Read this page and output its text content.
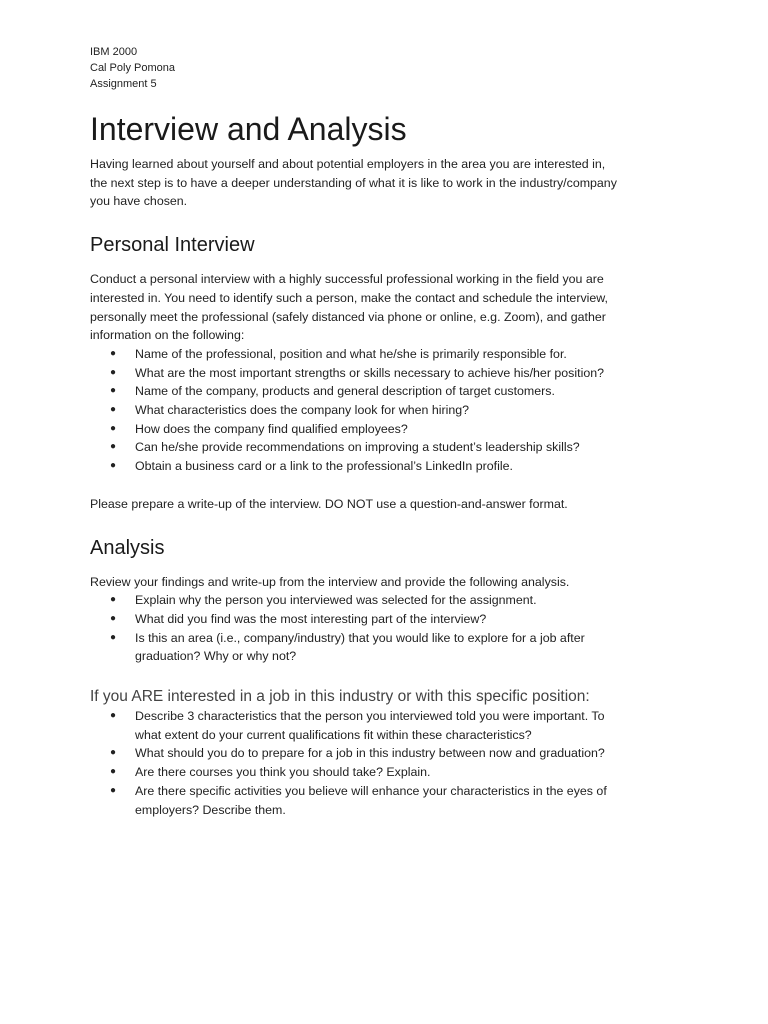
IBM 2000
Cal Poly Pomona
Assignment 5
Interview and Analysis

Having learned about yourself and about potential employers in the area you are interested in,
the next step is to have a deeper understanding of what it is like to work in the industry/company
you have chosen.

Personal Interview

Conduct a personal interview with a highly successful professional working in the field you are
interested in. You need to identify such a person, make the contact and schedule the interview,
personally meet the professional (safely distanced via phone or online, e.g. Zoom), and gather
information on the following:

● Name of the professional, position and what he/she is primarily responsible for.
● What are the most important strengths or skills necessary to achieve his/her position?
● Name of the company, products and general description of target customers.
● What characteristics does the company look for when hiring?
● How does the company find qualified employees?
● Can he/she provide recommendations on improving a student’s leadership skills?
● Obtain a business card or a link to the professional’s LinkedIn profile.

Please prepare a write-up of the interview. DO NOT use a question-and-answer format.

Analysis

Review your findings and write-up from the interview and provide the following analysis.

● Explain why the person you interviewed was selected for the assignment.
● What did you find was the most interesting part of the interview?
● Is this an area (i.e., company/industry) that you would like to explore for a job after
graduation? Why or why not?
If you ARE interested in a job in this industry or with this specific position:
● Describe 3 characteristics that the person you interviewed told you were important. To
what extent do your current qualifications fit within these characteristics?
● What should you do to prepare for a job in this industry between now and graduation?
● Are there courses you think you should take? Explain.
● Are there specific activities you believe will enhance your characteristics in the eyes of
employers? Describe them.
